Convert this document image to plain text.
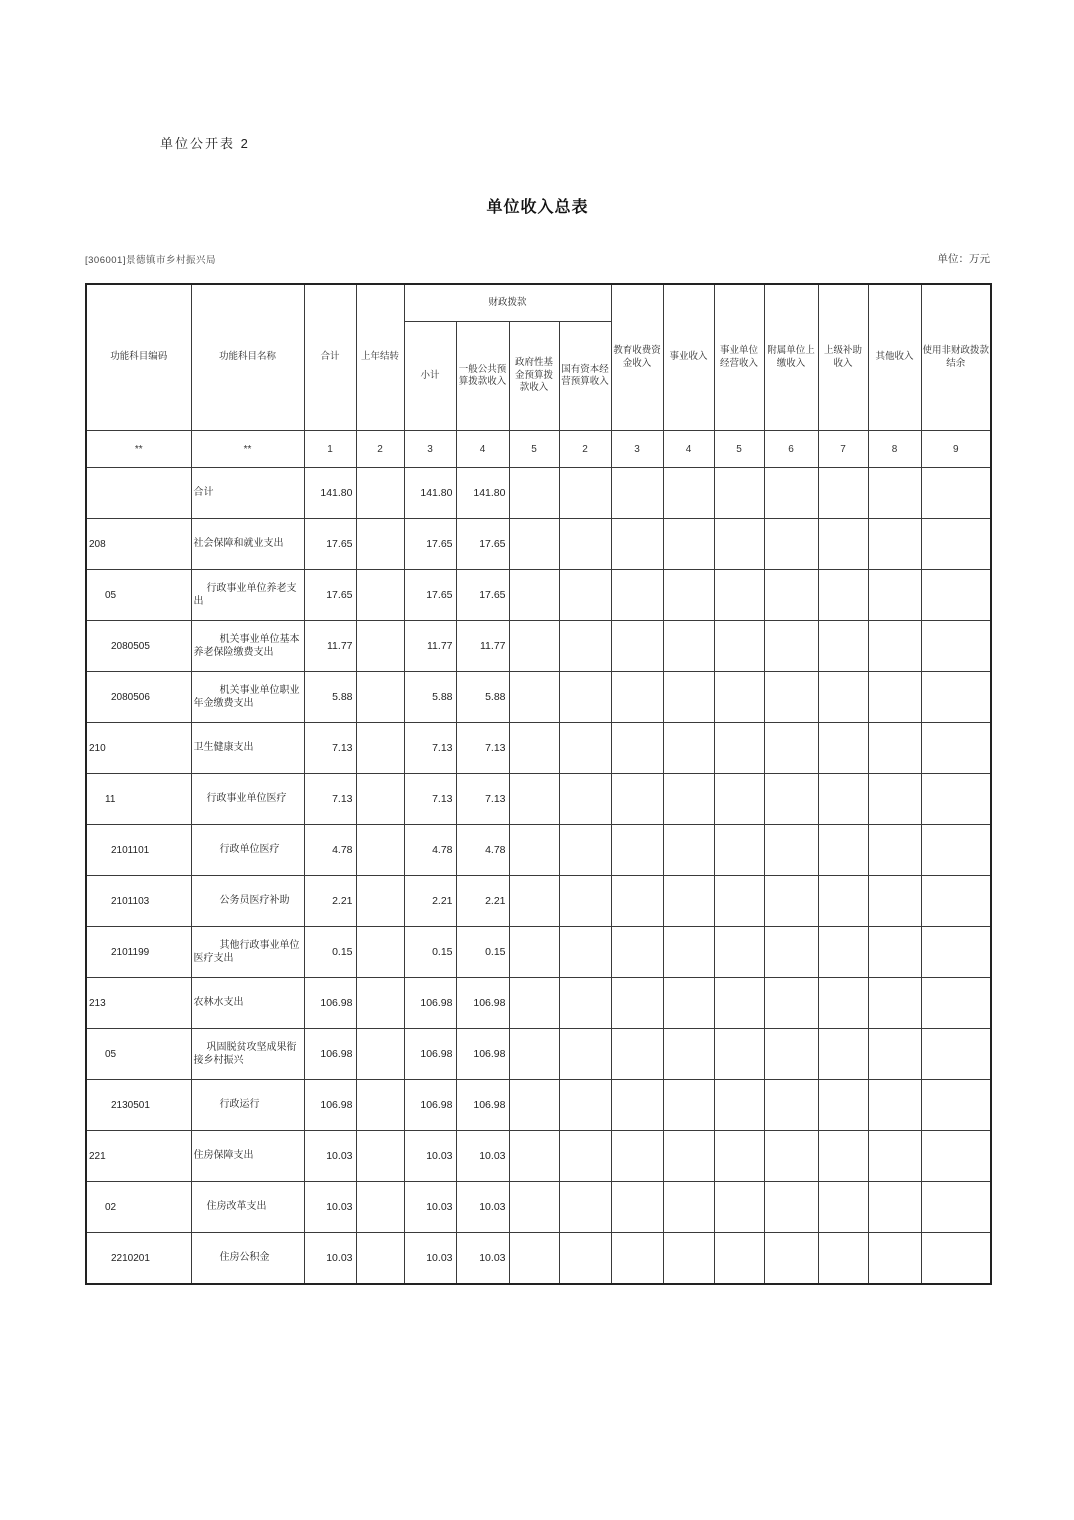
单位公开表 2
单位收入总表
[306001]景德镇市乡村振兴局	单位：万元
功能科目编码	功能科目名称	合计	上年结转	财政拨款				教育收费资金收入	事业收入	事业单位经营收入	附属单位上缴收入	上级补助收入	其他收入	使用非财政拨款结余
				小计	一般公共预算拨款收入	政府性基金预算拨款收入	国有资本经营预算收入							
**	**	1	2	3	4	5	2	3	4	5	6	7	8	9
	合计	141.80		141.80	141.80									
208	社会保障和就业支出	17.65		17.65	17.65									
05	行政事业单位养老支出	17.65		17.65	17.65									
2080505	机关事业单位基本养老保险缴费支出	11.77		11.77	11.77									
2080506	机关事业单位职业年金缴费支出	5.88		5.88	5.88									
210	卫生健康支出	7.13		7.13	7.13									
11	行政事业单位医疗	7.13		7.13	7.13									
2101101	行政单位医疗	4.78		4.78	4.78									
2101103	公务员医疗补助	2.21		2.21	2.21									
2101199	其他行政事业单位医疗支出	0.15		0.15	0.15									
213	农林水支出	106.98		106.98	106.98									
05	巩固脱贫攻坚成果衔接乡村振兴	106.98		106.98	106.98									
2130501	行政运行	106.98		106.98	106.98									
221	住房保障支出	10.03		10.03	10.03									
02	住房改革支出	10.03		10.03	10.03									
2210201	住房公积金	10.03		10.03	10.03									
